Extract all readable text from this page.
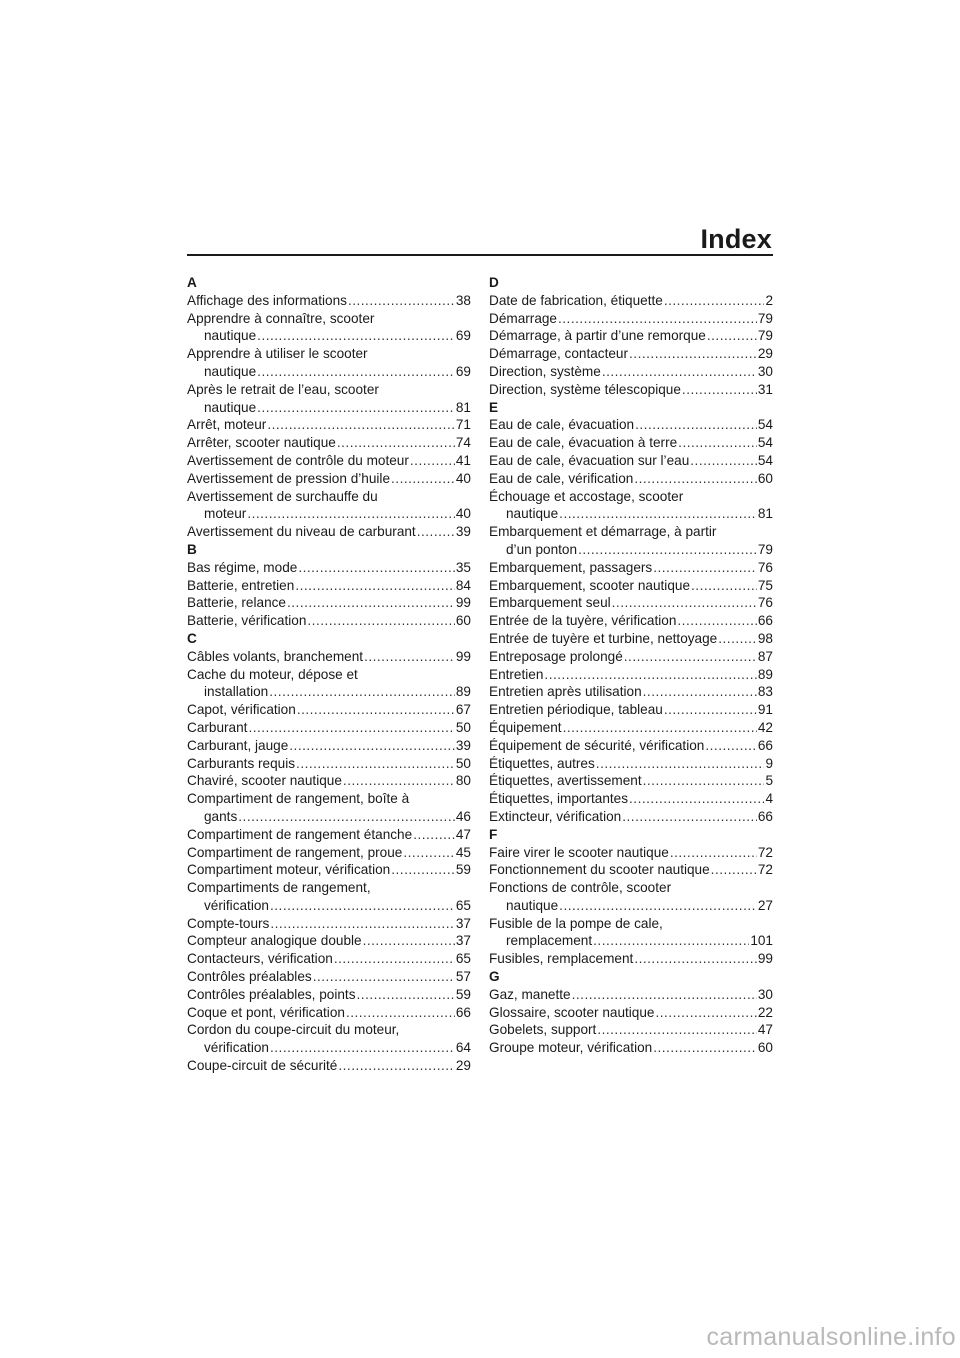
Index
A
Affichage des informations .....	38
Apprendre à connaître, scooter
nautique .....	69
Apprendre à utiliser le scooter
nautique .....	69
Après le retrait de l’eau, scooter
nautique .....	81
Arrêt, moteur .....	71
Arrêter, scooter nautique .....	74
Avertissement de contrôle du moteur .....	41
Avertissement de pression d’huile .....	40
Avertissement de surchauffe du
moteur .....	40
Avertissement du niveau de carburant .....	39
B
Bas régime, mode .....	35
Batterie, entretien .....	84
Batterie, relance .....	99
Batterie, vérification .....	60
C
Câbles volants, branchement .....	99
Cache du moteur, dépose et
installation .....	89
Capot, vérification .....	67
Carburant .....	50
Carburant, jauge .....	39
Carburants requis .....	50
Chaviré, scooter nautique .....	80
Compartiment de rangement, boîte à
gants .....	46
Compartiment de rangement étanche .....	47
Compartiment de rangement, proue .....	45
Compartiment moteur, vérification .....	59
Compartiments de rangement,
vérification .....	65
Compte-tours .....	37
Compteur analogique double .....	37
Contacteurs, vérification .....	65
Contrôles préalables .....	57
Contrôles préalables, points .....	59
Coque et pont, vérification .....	66
Cordon du coupe-circuit du moteur,
vérification .....	64
Coupe-circuit de sécurité .....	29
D
Date de fabrication, étiquette .....	2
Démarrage .....	79
Démarrage, à partir d’une remorque .....	79
Démarrage, contacteur .....	29
Direction, système .....	30
Direction, système télescopique .....	31
E
Eau de cale, évacuation .....	54
Eau de cale, évacuation à terre .....	54
Eau de cale, évacuation sur l’eau .....	54
Eau de cale, vérification .....	60
Échouage et accostage, scooter
nautique .....	81
Embarquement et démarrage, à partir
d’un ponton .....	79
Embarquement, passagers .....	76
Embarquement, scooter nautique .....	75
Embarquement seul .....	76
Entrée de la tuyère, vérification .....	66
Entrée de tuyère et turbine, nettoyage .....	98
Entreposage prolongé .....	87
Entretien .....	89
Entretien après utilisation .....	83
Entretien périodique, tableau .....	91
Équipement .....	42
Équipement de sécurité, vérification .....	66
Étiquettes, autres .....	9
Étiquettes, avertissement .....	5
Étiquettes, importantes .....	4
Extincteur, vérification .....	66
F
Faire virer le scooter nautique .....	72
Fonctionnement du scooter nautique .....	72
Fonctions de contrôle, scooter
nautique .....	27
Fusible de la pompe de cale,
remplacement .....	101
Fusibles, remplacement .....	99
G
Gaz, manette .....	30
Glossaire, scooter nautique .....	22
Gobelets, support .....	47
Groupe moteur, vérification .....	60
carmanualsonline.info
